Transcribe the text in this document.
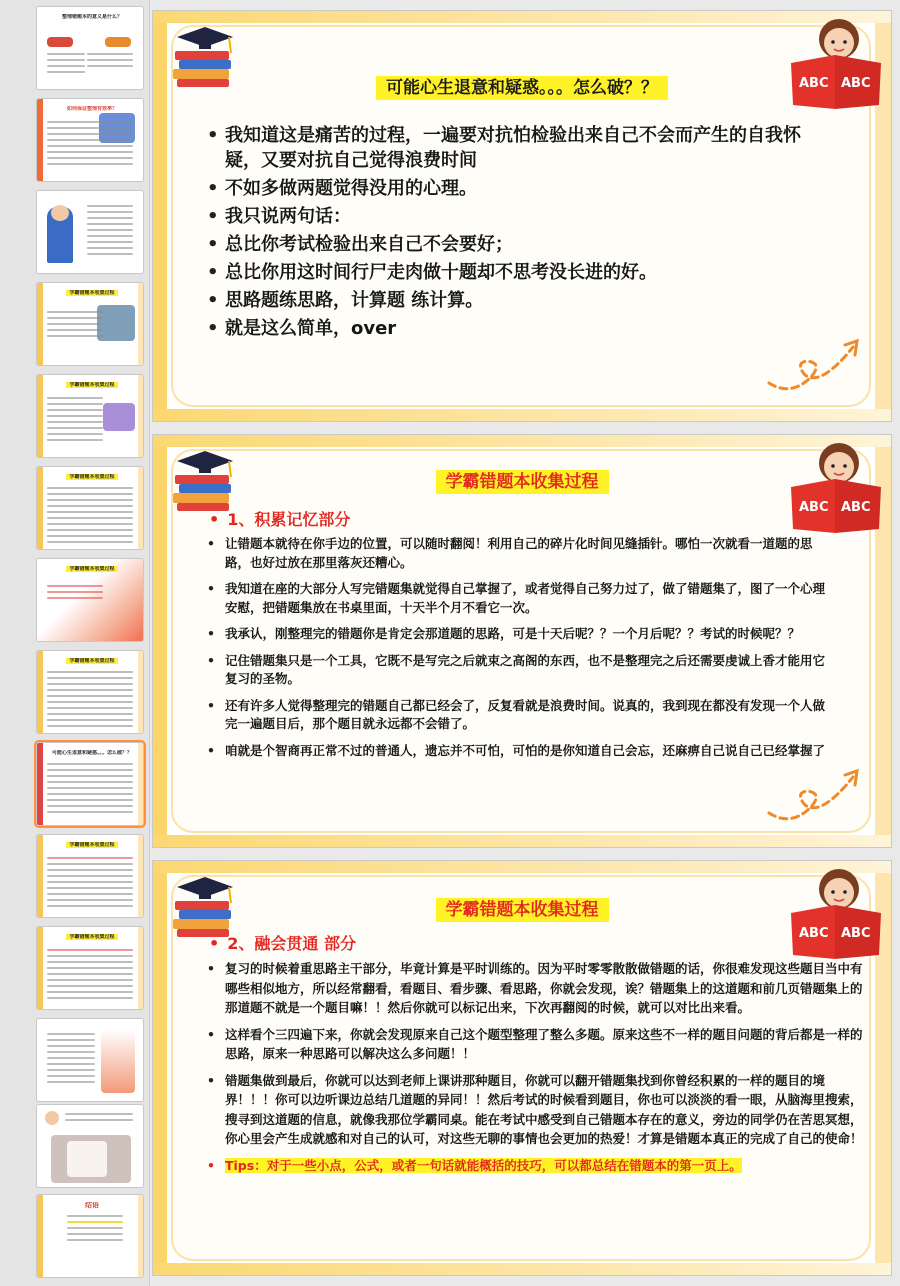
整理错题本的意义是什么？
如何保证整理有效率？
学霸错题本收集过程
学霸错题本收集过程
学霸错题本收集过程
学霸错题本收集过程
学霸错题本收集过程
可能心生退意和疑惑。。。怎么破？？
学霸错题本收集过程
学霸错题本收集过程
结语
ABC ABC
可能心生退意和疑惑。。。怎么破？？
• 我知道这是痛苦的过程，一遍要对抗怕检验出来自己不会而产生的自我怀疑，又要对抗自己觉得浪费时间
• 不如多做两题觉得没用的心理。
• 我只说两句话：
• 总比你考试检验出来自己不会要好；
• 总比你用这时间行尸走肉做十题却不思考没长进的好。
• 思路题练思路，计算题 练计算。
• 就是这么简单，over
ABC ABC
学霸错题本收集过程
• 1、积累记忆部分
• 让错题本就待在你手边的位置，可以随时翻阅！利用自己的碎片化时间见缝插针。哪怕一次就看一道题的思路，也好过放在那里落灰还糟心。
• 我知道在座的大部分人写完错题集就觉得自己掌握了，或者觉得自己努力过了，做了错题集了，图了一个心理安慰，把错题集放在书桌里面，十天半个月不看它一次。
• 我承认，刚整理完的错题你是肯定会那道题的思路，可是十天后呢？？一个月后呢？？考试的时候呢？？
• 记住错题集只是一个工具，它既不是写完之后就束之高阁的东西，也不是整理完之后还需要虔诚上香才能用它复习的圣物。
• 还有许多人觉得整理完的错题自己都已经会了，反复看就是浪费时间。说真的，我到现在都没有发现一个人做完一遍题目后，那个题目就永远都不会错了。
• 咱就是个智商再正常不过的普通人，遗忘并不可怕，可怕的是你知道自己会忘，还麻痹自己说自己已经掌握了
ABC ABC
学霸错题本收集过程
• 2、融会贯通 部分
• 复习的时候着重思路主干部分，毕竟计算是平时训练的。因为平时零零散散做错题的话，你很难发现这些题目当中有哪些相似地方，所以经常翻看，看题目、看步骤、看思路，你就会发现，诶？错题集上的这道题和前几页错题集上的那道题不就是一个题目嘛！！然后你就可以标记出来，下次再翻阅的时候，就可以对比出来看。
• 这样看个三四遍下来，你就会发现原来自己这个题型整理了整么多题。原来这些不一样的题目问题的背后都是一样的思路，原来一种思路可以解决这么多问题！！
• 错题集做到最后，你就可以达到老师上课讲那种题目，你就可以翻开错题集找到你曾经积累的一样的题目的境界！！！你可以边听课边总结几道题的异同！！然后考试的时候看到题目，你也可以淡淡的看一眼，从脑海里搜索，搜寻到这道题的信息，就像我那位学霸同桌。能在考试中感受到自己错题本存在的意义，旁边的同学仍在苦思冥想，你心里会产生成就感和对自己的认可，对这些无聊的事情也会更加的热爱！才算是错题本真正的完成了自己的使命！
• Tips：对于一些小点，公式，或者一句话就能概括的技巧，可以都总结在错题本的第一页上。
